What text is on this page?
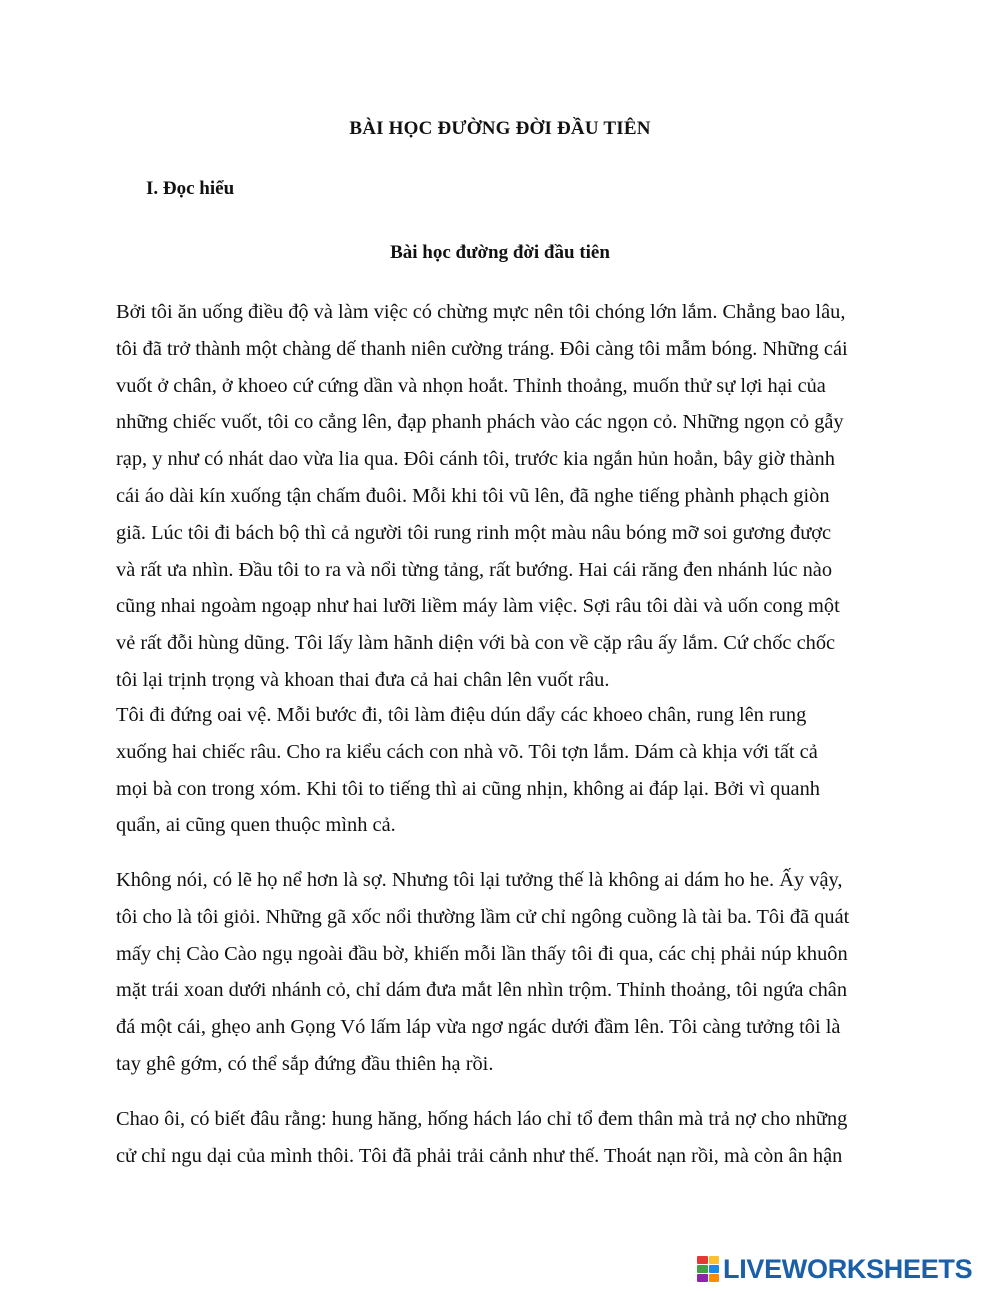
BÀI HỌC ĐƯỜNG ĐỜI ĐẦU TIÊN
I. Đọc hiểu
Bài học đường đời đầu tiên
Bởi tôi ăn uống điều độ và làm việc có chừng mực nên tôi chóng lớn lắm. Chẳng bao lâu,
tôi đã trở thành một chàng dế thanh niên cường tráng. Đôi càng tôi mẫm bóng. Những cái
vuốt ở chân, ở khoeo cứ cứng dần và nhọn hoắt. Thỉnh thoảng, muốn thử sự lợi hại của
những chiếc vuốt, tôi co cẳng lên, đạp phanh phách vào các ngọn cỏ. Những ngọn cỏ gẫy
rạp, y như có nhát dao vừa lia qua. Đôi cánh tôi, trước kia ngắn hủn hoẳn, bây giờ thành
cái áo dài kín xuống tận chấm đuôi. Mỗi khi tôi vũ lên, đã nghe tiếng phành phạch giòn
giã. Lúc tôi đi bách bộ thì cả người tôi rung rinh một màu nâu bóng mỡ soi gương được
và rất ưa nhìn. Đầu tôi to ra và nổi từng tảng, rất bướng. Hai cái răng đen nhánh lúc nào
cũng nhai ngoàm ngoạp như hai lưỡi liềm máy làm việc. Sợi râu tôi dài và uốn cong một
vẻ rất đỗi hùng dũng. Tôi lấy làm hãnh diện với bà con về cặp râu ấy lắm. Cứ chốc chốc
tôi lại trịnh trọng và khoan thai đưa cả hai chân lên vuốt râu.
Tôi đi đứng oai vệ. Mỗi bước đi, tôi làm điệu dún dẩy các khoeo chân, rung lên rung
xuống hai chiếc râu. Cho ra kiểu cách con nhà võ. Tôi tợn lắm. Dám cà khịa với tất cả
mọi bà con trong xóm. Khi tôi to tiếng thì ai cũng nhịn, không ai đáp lại. Bởi vì quanh
quẩn, ai cũng quen thuộc mình cả.
Không nói, có lẽ họ nể hơn là sợ. Nhưng tôi lại tưởng thế là không ai dám ho he. Ấy vậy,
tôi cho là tôi giỏi. Những gã xốc nổi thường lầm cử chỉ ngông cuồng là tài ba. Tôi đã quát
mấy chị Cào Cào ngụ ngoài đầu bờ, khiến mỗi lần thấy tôi đi qua, các chị phải núp khuôn
mặt trái xoan dưới nhánh cỏ, chỉ dám đưa mắt lên nhìn trộm. Thỉnh thoảng, tôi ngứa chân
đá một cái, ghẹo anh Gọng Vó lấm láp vừa ngơ ngác dưới đầm lên. Tôi càng tưởng tôi là
tay ghê gớm, có thể sắp đứng đầu thiên hạ rồi.
Chao ôi, có biết đâu rằng: hung hăng, hống hách láo chỉ tổ đem thân mà trả nợ cho những
cử chỉ ngu dại của mình thôi. Tôi đã phải trải cảnh như thế. Thoát nạn rồi, mà còn ân hận
LIVEWORKSHEETS
